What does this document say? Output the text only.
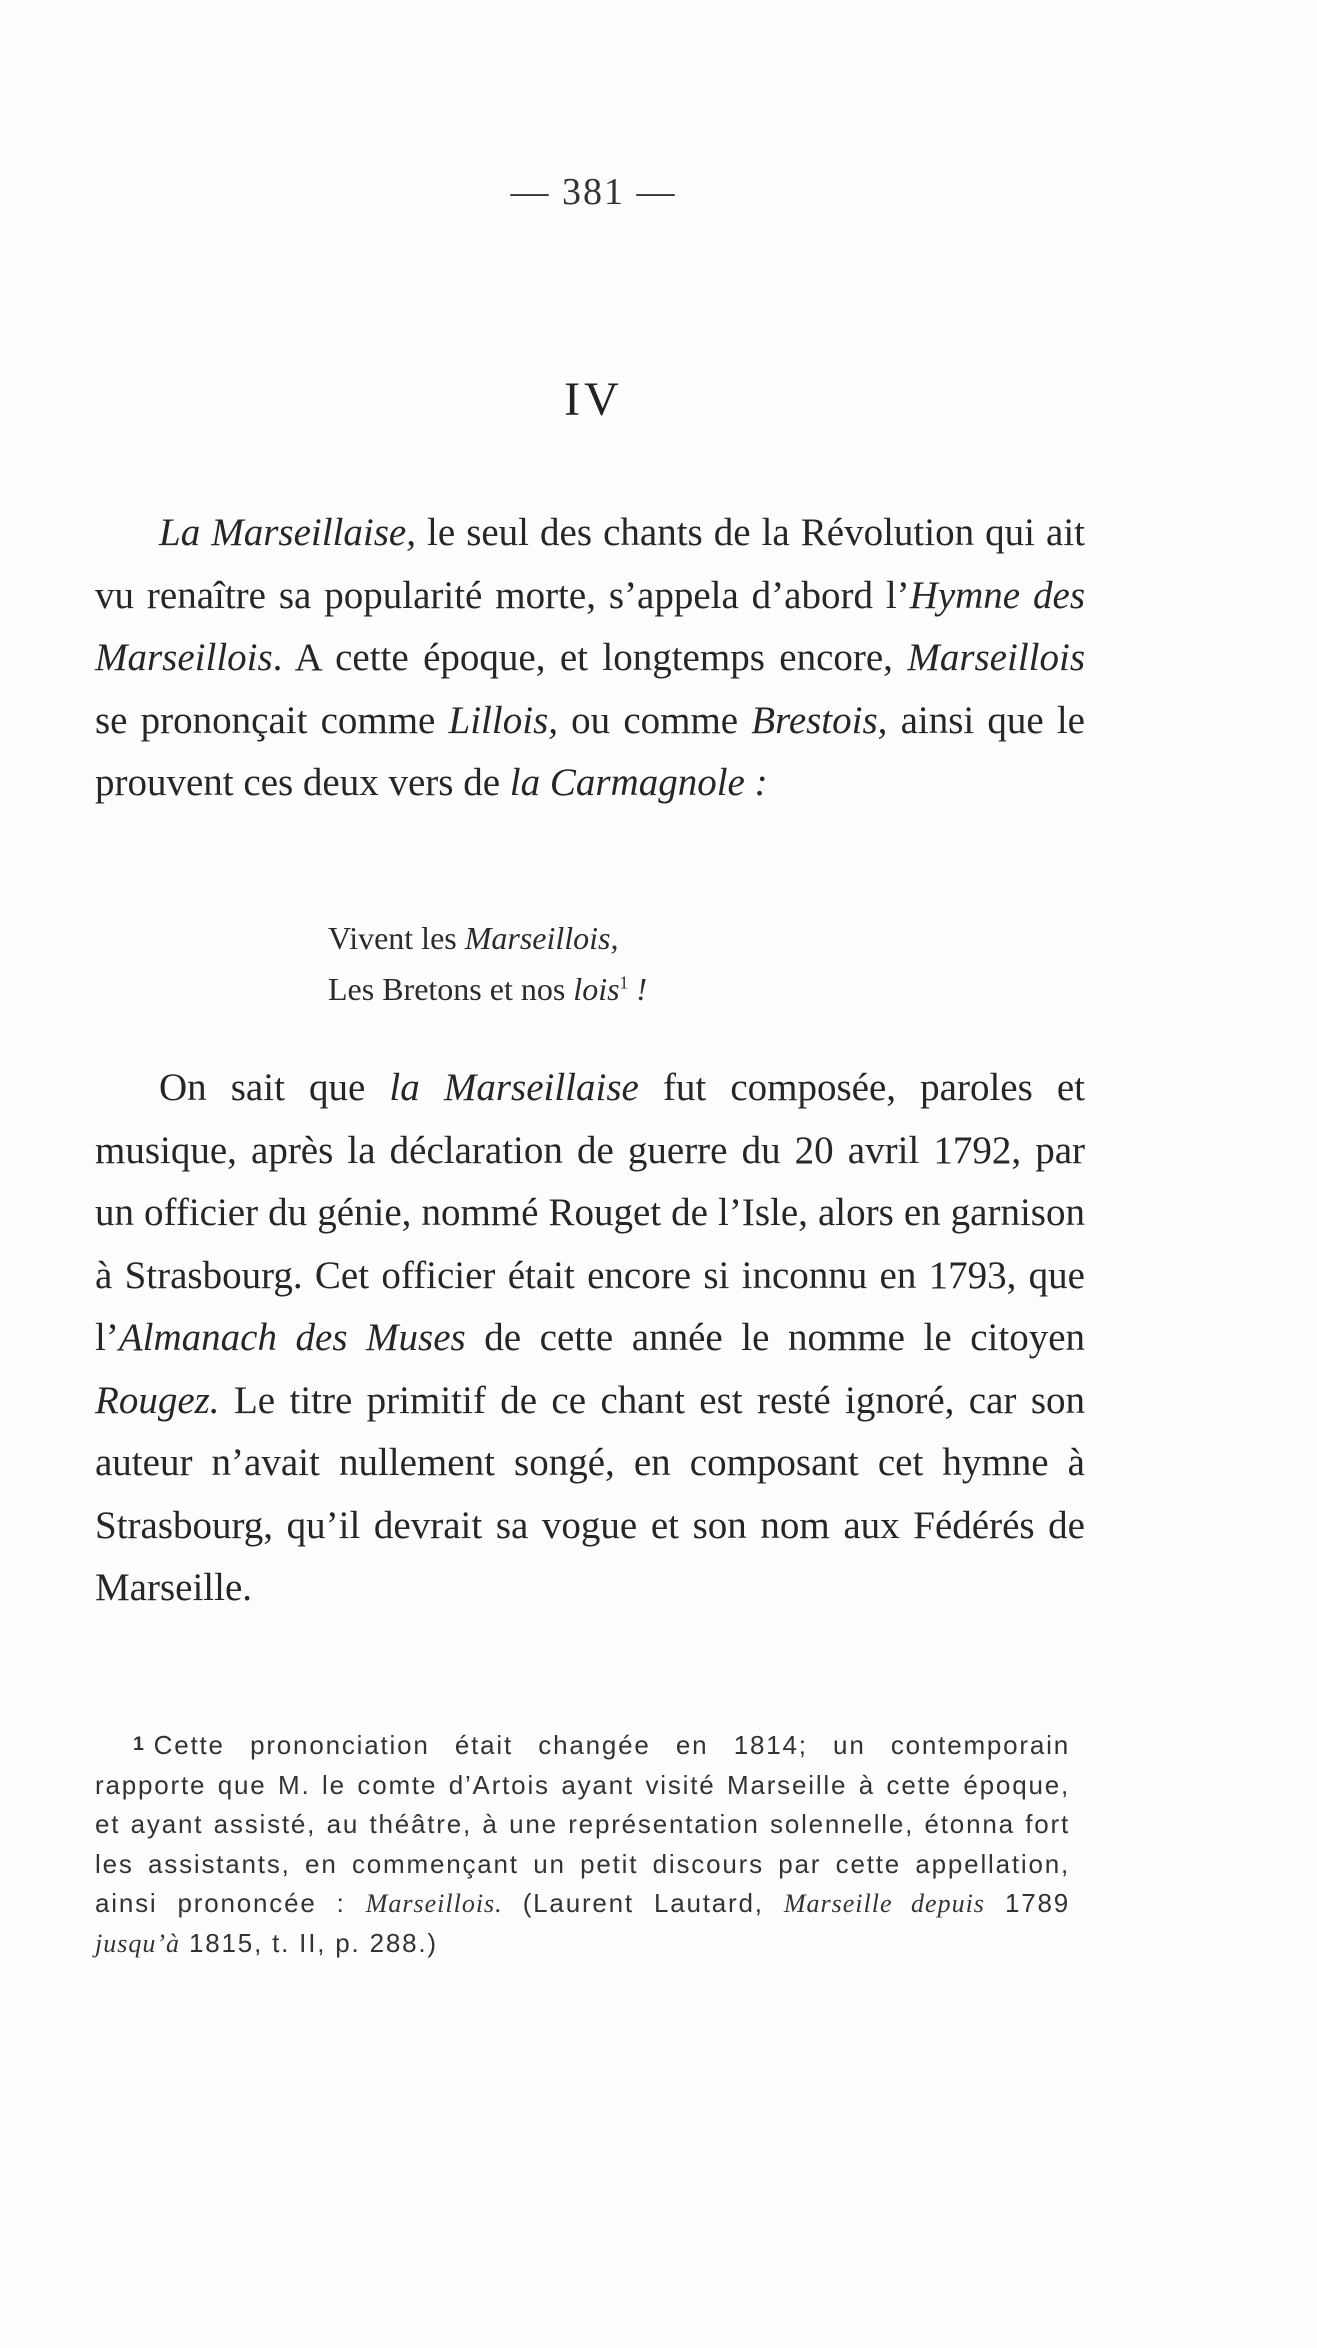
— 381 —
IV

La Marseillaise, le seul des chants de la Révolution qui ait vu renaître sa popularité morte, s’appela d’abord l’Hymne des Marseillois. A cette époque, et longtemps encore, Marseillois se prononçait comme Lillois, ou comme Brestois, ainsi que le prouvent ces deux vers de la Carmagnole :

Vivent les Marseillois,
Les Bretons et nos lois$^1$ !

On sait que la Marseillaise fut composée, paroles et musique, après la déclaration de guerre du 20 avril 1792, par un officier du génie, nommé Rouget de l’Isle, alors en garnison à Strasbourg. Cet officier était encore si inconnu en 1793, que l’Almanach des Muses de cette année le nomme le citoyen Rougez. Le titre primitif de ce chant est resté ignoré, car son auteur n’avait nullement songé, en composant cet hymne à Strasbourg, qu’il devrait sa vogue et son nom aux Fédérés de Marseille.

1 Cette prononciation était changée en 1814; un contemporain rapporte que M. le comte d’Artois ayant visité Marseille à cette époque, et ayant assisté, au théâtre, à une représentation solennelle, étonna fort les assistants, en commençant un petit discours par cette appellation, ainsi prononcée : Marseillois. (Laurent Lautard, Marseille depuis 1789 jusqu’à 1815, t. II, p. 288.)
